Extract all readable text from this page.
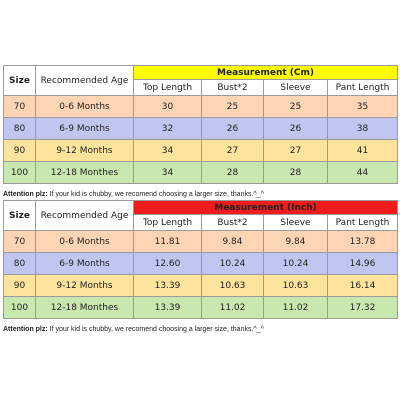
Size	Recommended Age	Measurement (Cm)			
		Top Length	Bust*2	Sleeve	Pant Length
70	0-6 Months	30	25	25	35
80	6-9 Months	32	26	26	38
90	9-12 Months	34	27	27	41
100	12-18 Monthes	34	28	28	44
Attention plz: If your kid is chubby, we recomend choosing a larger size, thanks.^_^
Size	Recommended Age	Measurement (Inch)			
		Top Length	Bust*2	Sleeve	Pant Length
70	0-6 Months	11.81	9.84	9.84	13.78
80	6-9 Months	12.60	10.24	10.24	14.96
90	9-12 Months	13.39	10.63	10.63	16.14
100	12-18 Monthes	13.39	11.02	11.02	17.32
Attention plz: If your kid is chubby, we recomend choosing a larger size, thanks.^_^
